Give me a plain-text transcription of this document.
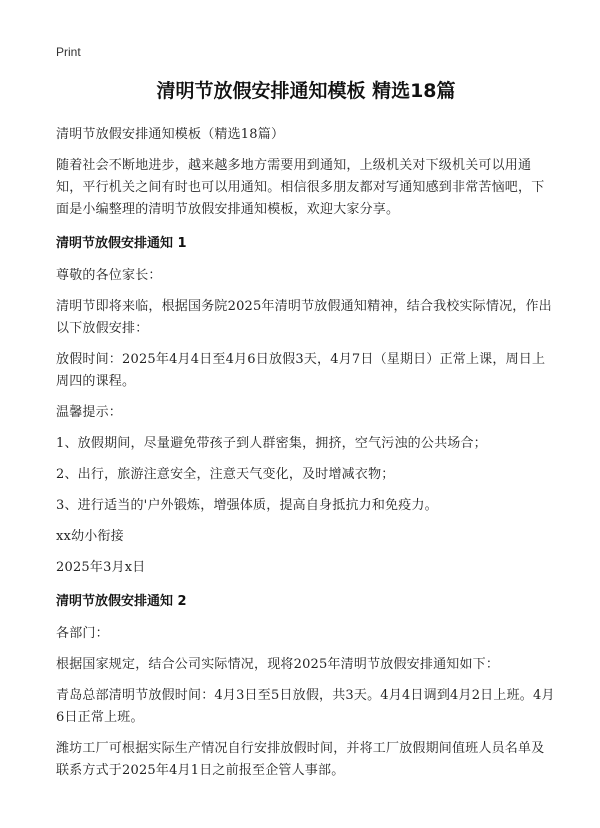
Print
清明节放假安排通知模板 精选18篇

清明节放假安排通知模板（精选18篇）

随着社会不断地进步，越来越多地方需要用到通知，上级机关对下级机关可以用通知，平行机关之间有时也可以用通知。相信很多朋友都对写通知感到非常苦恼吧，下面是小编整理的清明节放假安排通知模板，欢迎大家分享。

清明节放假安排通知 1

尊敬的各位家长：

清明节即将来临，根据国务院2025年清明节放假通知精神，结合我校实际情况，作出以下放假安排：

放假时间：2025年4月4日至4月6日放假3天，4月7日（星期日）正常上课，周日上周四的课程。

温馨提示：

1、放假期间，尽量避免带孩子到人群密集，拥挤，空气污浊的公共场合；

2、出行，旅游注意安全，注意天气变化，及时增减衣物；

3、进行适当的'户外锻炼，增强体质，提高自身抵抗力和免疫力。

xx幼小衔接

2025年3月x日

清明节放假安排通知 2

各部门：

根据国家规定，结合公司实际情况，现将2025年清明节放假安排通知如下：

青岛总部清明节放假时间：4月3日至5日放假，共3天。4月4日调到4月2日上班。4月6日正常上班。

潍坊工厂可根据实际生产情况自行安排放假时间，并将工厂放假期间值班人员名单及联系方式于2025年4月1日之前报至企管人事部。
